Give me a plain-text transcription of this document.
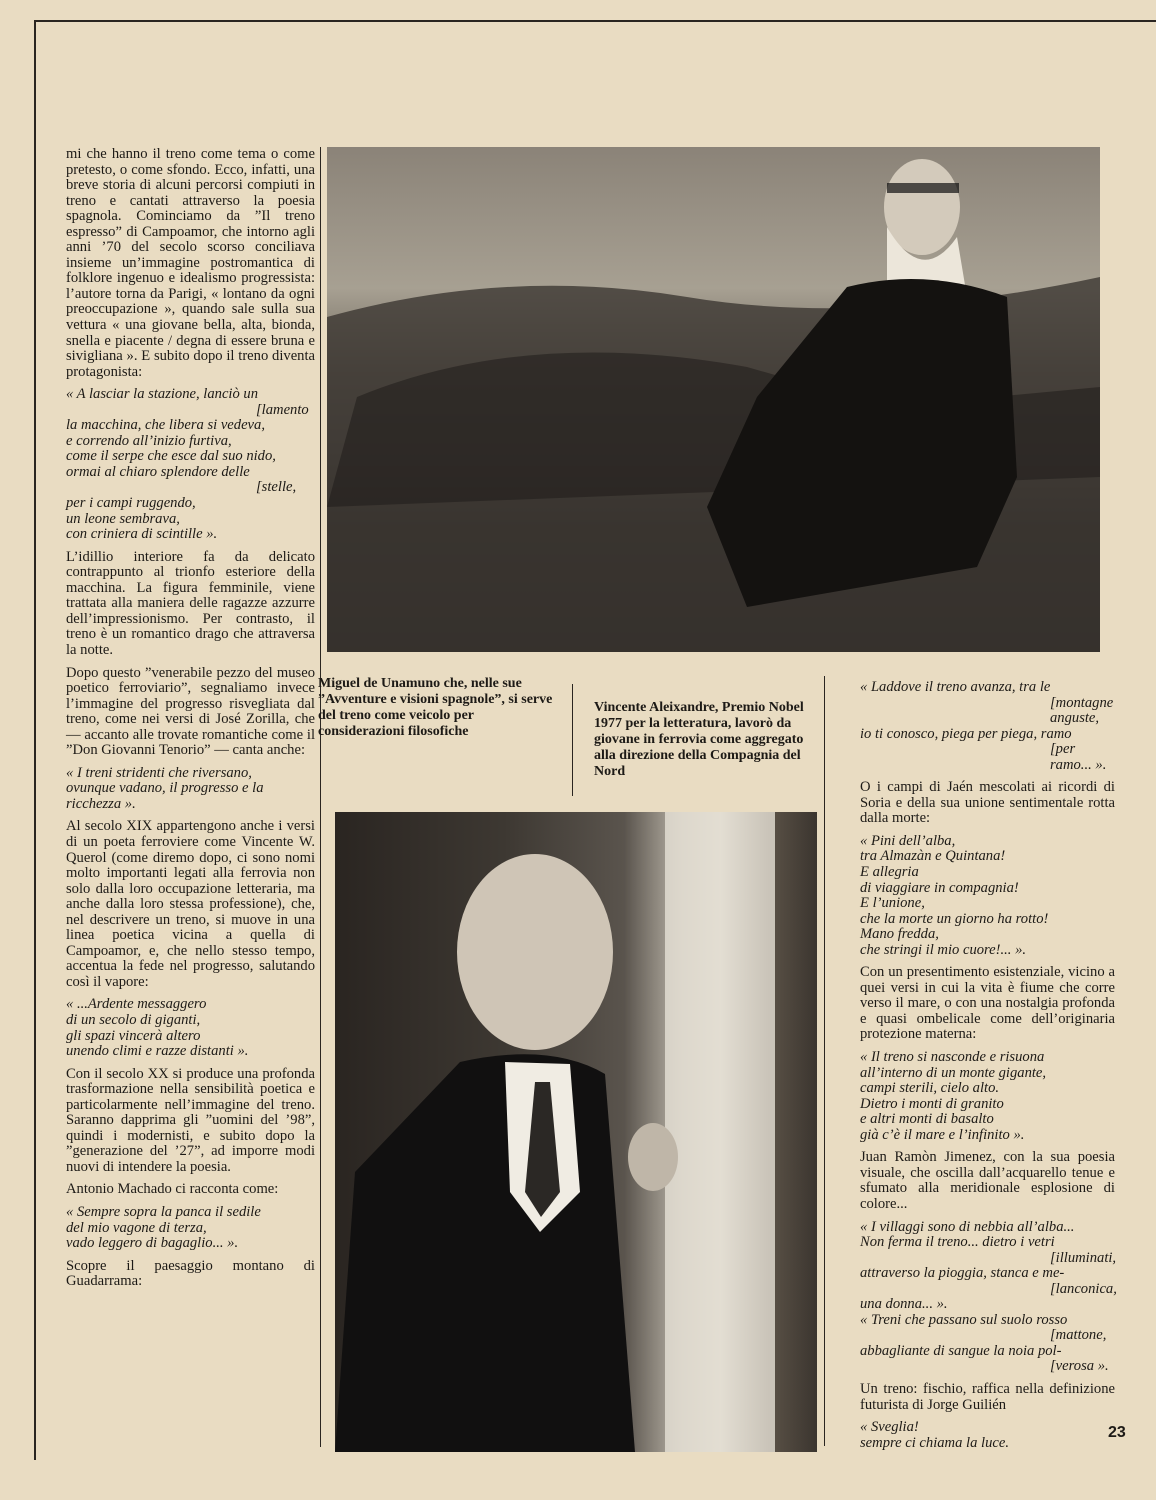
mi che hanno il treno come tema o come pretesto, o come sfondo. Ecco, infatti, una breve storia di alcuni percorsi compiuti in treno e cantati attraverso la poesia spagnola. Cominciamo da ”Il treno espresso” di Campoamor, che intorno agli anni ’70 del secolo scorso conciliava insieme un’immagine postromantica di folklore ingenuo e idealismo progressista: l’autore torna da Parigi, « lontano da ogni preoccupazione », quando sale sulla sua vettura « una giovane bella, alta, bionda, snella e piacente / degna di essere bruna e sivigliana ». E subito dopo il treno diventa protagonista:

« A lasciar la stazione, lanciò un
[lamento
la macchina, che libera si vedeva,
e correndo all’inizio furtiva,
come il serpe che esce dal suo nido,
ormai al chiaro splendore delle
[stelle,
per i campi ruggendo,
un leone sembrava,
con criniera di scintille ».

L’idillio interiore fa da delicato contrappunto al trionfo esteriore della macchina. La figura femminile, viene trattata alla maniera delle ragazze azzurre dell’impressionismo. Per contrasto, il treno è un romantico drago che attraversa la notte.

Dopo questo ”venerabile pezzo del museo poetico ferroviario”, segnaliamo invece l’immagine del progresso risvegliata dal treno, come nei versi di José Zorilla, che — accanto alle trovate romantiche come il ”Don Giovanni Tenorio” — canta anche:

« I treni stridenti che riversano,
ovunque vadano, il progresso e la
ricchezza ».

Al secolo XIX appartengono anche i versi di un poeta ferroviere come Vincente W. Querol (come diremo dopo, ci sono nomi molto importanti legati alla ferrovia non solo dalla loro occupazione letteraria, ma anche dalla loro stessa professione), che, nel descrivere un treno, si muove in una linea poetica vicina a quella di Campoamor, e, che nello stesso tempo, accentua la fede nel progresso, salutando così il vapore:

« ...Ardente messaggero
di un secolo di giganti,
gli spazi vincerà altero
unendo climi e razze distanti ».

Con il secolo XX si produce una profonda trasformazione nella sensibilità poetica e particolarmente nell’immagine del treno. Saranno dapprima gli ”uomini del ’98”, quindi i modernisti, e subito dopo la ”generazione del ’27”, ad imporre modi nuovi di intendere la poesia.

Antonio Machado ci racconta come:

« Sempre sopra la panca il sedile
del mio vagone di terza,
vado leggero di bagaglio... ».

Scopre il paesaggio montano di Guadarrama:

Miguel de Unamuno che, nelle sue ”Avventure e visioni spagnole”, si serve del treno come veicolo per considerazioni filosofiche
Vincente Aleixandre, Premio Nobel 1977 per la letteratura, lavorò da giovane in ferrovia come aggregato alla direzione della Compagnia del Nord
« Laddove il treno avanza, tra le
[montagne anguste,
io ti conosco, piega per piega, ramo
[per ramo... ».

O i campi di Jaén mescolati ai ricordi di Soria e della sua unione sentimentale rotta dalla morte:

« Pini dell’alba,
tra Almazàn e Quintana!
E allegria
di viaggiare in compagnia!
E l’unione,
che la morte un giorno ha rotto!
Mano fredda,
che stringi il mio cuore!... ».

Con un presentimento esistenziale, vicino a quei versi in cui la vita è fiume che corre verso il mare, o con una nostalgia profonda e quasi ombelicale come dell’originaria protezione materna:

« Il treno si nasconde e risuona
all’interno di un monte gigante,
campi sterili, cielo alto.
Dietro i monti di granito
e altri monti di basalto
già c’è il mare e l’infinito ».

Juan Ramòn Jimenez, con la sua poesia visuale, che oscilla dall’acquarello tenue e sfumato alla meridionale esplosione di colore...

« I villaggi sono di nebbia all’alba...
Non ferma il treno... dietro i vetri
[illuminati,
attraverso la pioggia, stanca e me-
[lanconica,
una donna... ».
« Treni che passano sul suolo rosso
[mattone,
abbagliante di sangue la noia pol-
[verosa ».

Un treno: fischio, raffica nella definizione futurista di Jorge Guilién

« Sveglia!
sempre ci chiama la luce.
23
